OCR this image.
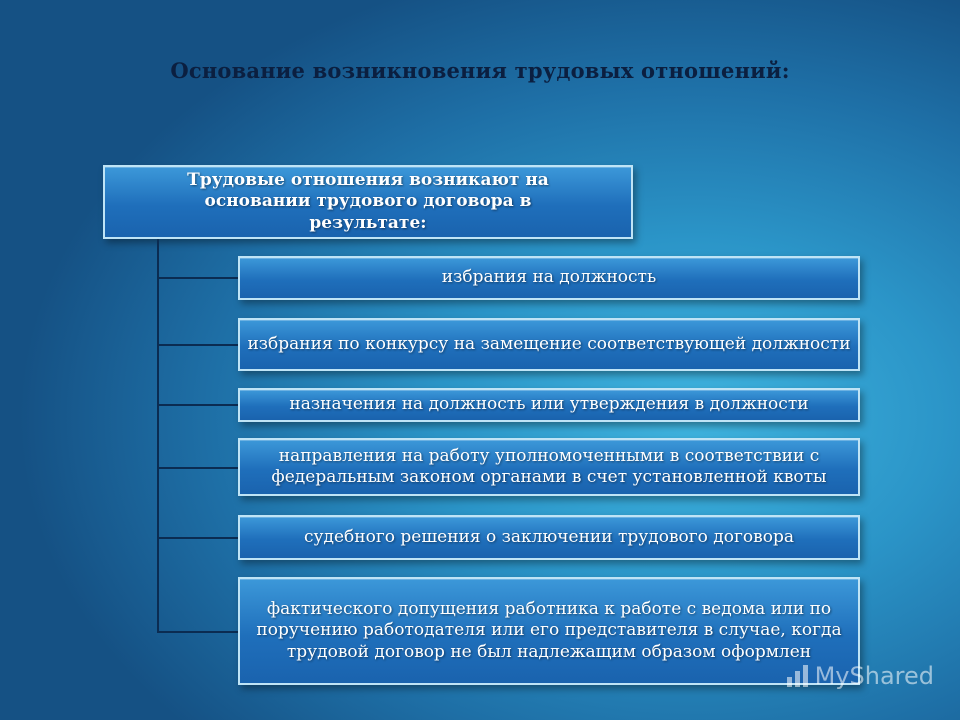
Основание возникновения трудовых отношений:
Трудовые отношения возникают на основании трудового договора в результате:
избрания на должность
избрания по конкурсу на замещение соответствующей должности
назначения на должность или утверждения в должности
направления на работу уполномоченными в соответствии с федеральным законом органами в счет установленной квоты
судебного решения о заключении трудового договора
фактического допущения работника к работе с ведома или по поручению работодателя или его представителя в случае, когда трудовой договор не был надлежащим образом оформлен
MyShared
